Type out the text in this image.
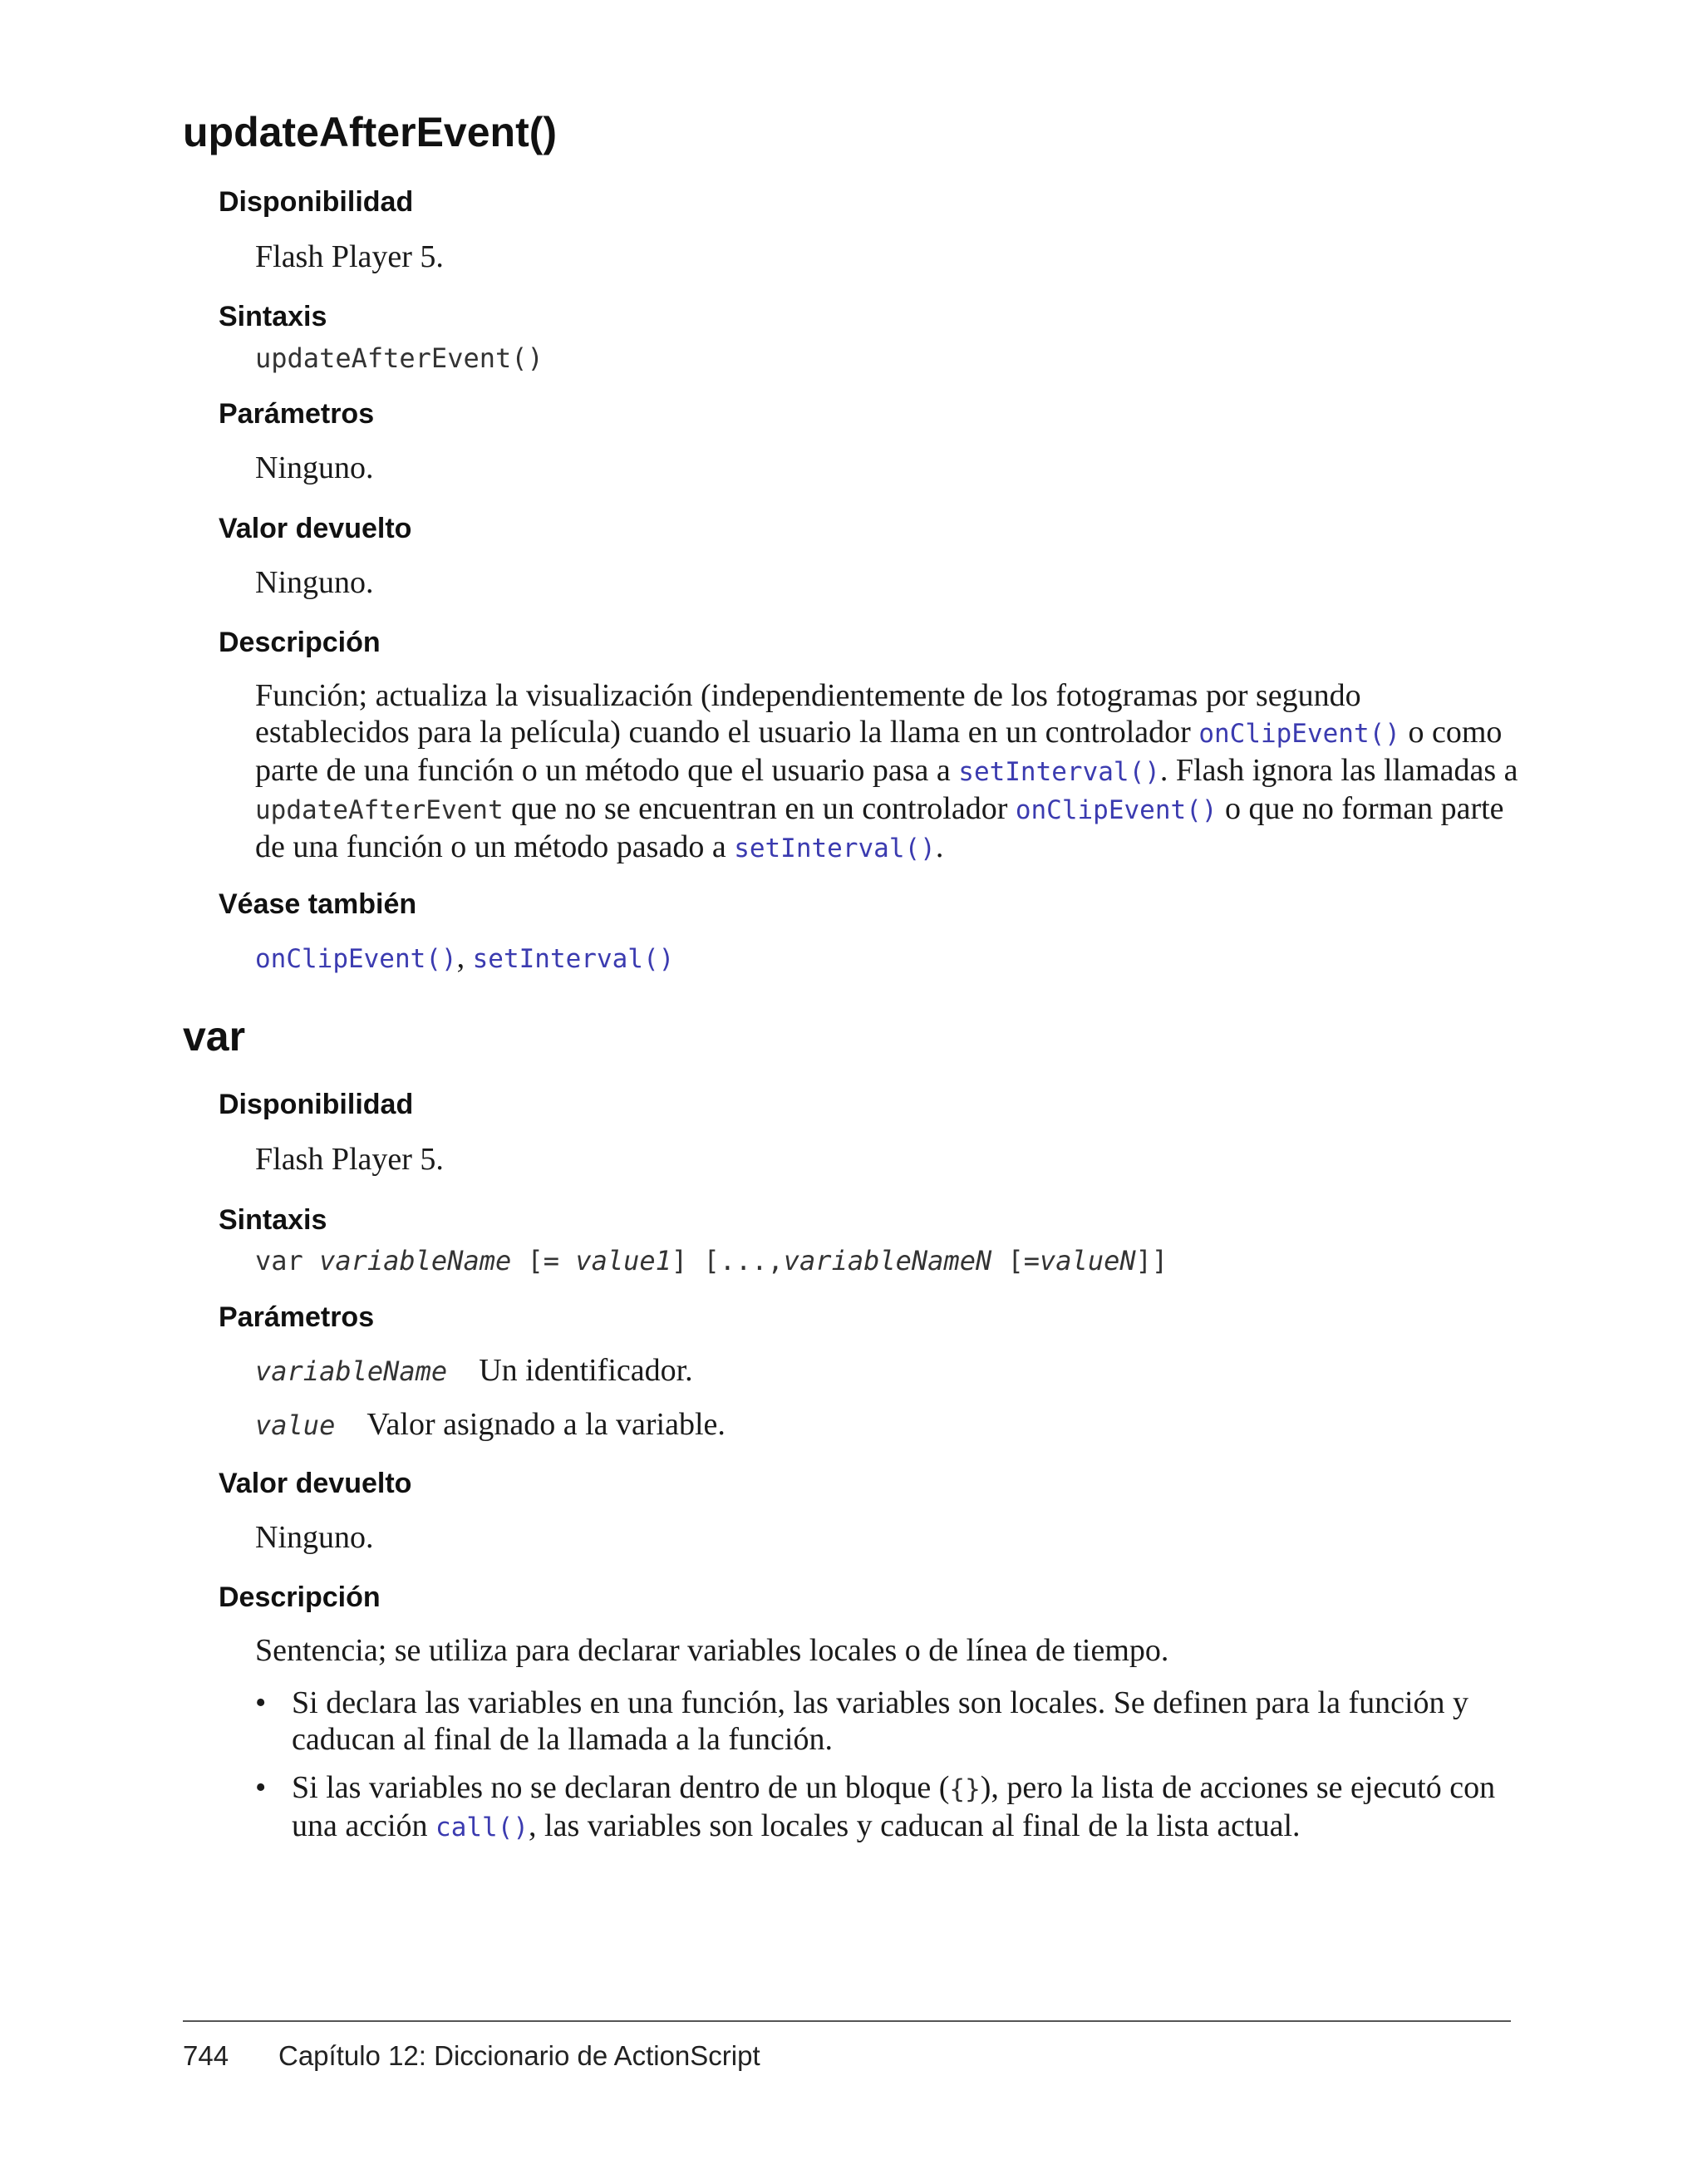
updateAfterEvent()
Disponibilidad

Flash Player 5.

Sintaxis

updateAfterEvent()

Parámetros

Ninguno.

Valor devuelto

Ninguno.

Descripción

Función; actualiza la visualización (independientemente de los fotogramas por segundo establecidos para la película) cuando el usuario la llama en un controlador onClipEvent() o como parte de una función o un método que el usuario pasa a setInterval(). Flash ignora las llamadas a updateAfterEvent que no se encuentran en un controlador onClipEvent() o que no forman parte de una función o un método pasado a setInterval().

Véase también

onClipEvent(), setInterval()

var
Disponibilidad

Flash Player 5.

Sintaxis

var variableName [= value1] [...,variableNameN [=valueN]]

Parámetros
variableName Un identificador.
value Valor asignado a la variable.
Valor devuelto

Ninguno.

Descripción

Sentencia; se utiliza para declarar variables locales o de línea de tiempo.

• Si declara las variables en una función, las variables son locales. Se definen para la función y caducan al final de la llamada a la función.
• Si las variables no se declaran dentro de un bloque ({}), pero la lista de acciones se ejecutó con una acción call(), las variables son locales y caducan al final de la lista actual.
744 Capítulo 12: Diccionario de ActionScript
